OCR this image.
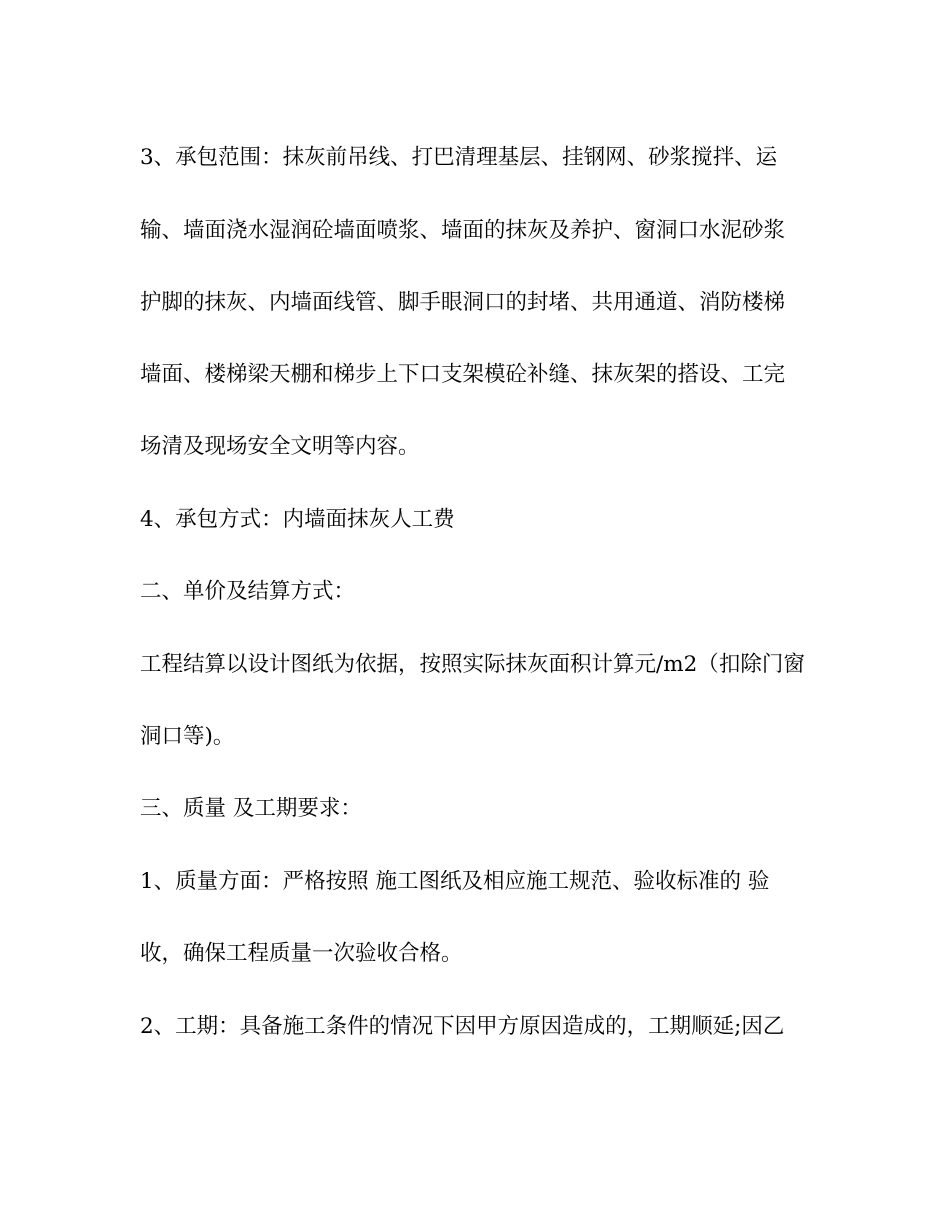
3、承包范围：抹灰前吊线、打巴清理基层、挂钢网、砂浆搅拌、运
输、墙面浇水湿润砼墙面喷浆、墙面的抹灰及养护、窗洞口水泥砂浆
护脚的抹灰、内墙面线管、脚手眼洞口的封堵、共用通道、消防楼梯
墙面、楼梯梁天棚和梯步上下口支架模砼补缝、抹灰架的搭设、工完
场清及现场安全文明等内容。
4、承包方式：内墙面抹灰人工费
二、单价及结算方式：
工程结算以设计图纸为依据，按照实际抹灰面积计算元/m2（扣除门窗
洞口等)。
三、质量 及工期要求：
1、质量方面：严格按照 施工图纸及相应施工规范、验收标准的 验
收，确保工程质量一次验收合格。
2、工期：具备施工条件的情况下因甲方原因造成的，工期顺延;因乙
